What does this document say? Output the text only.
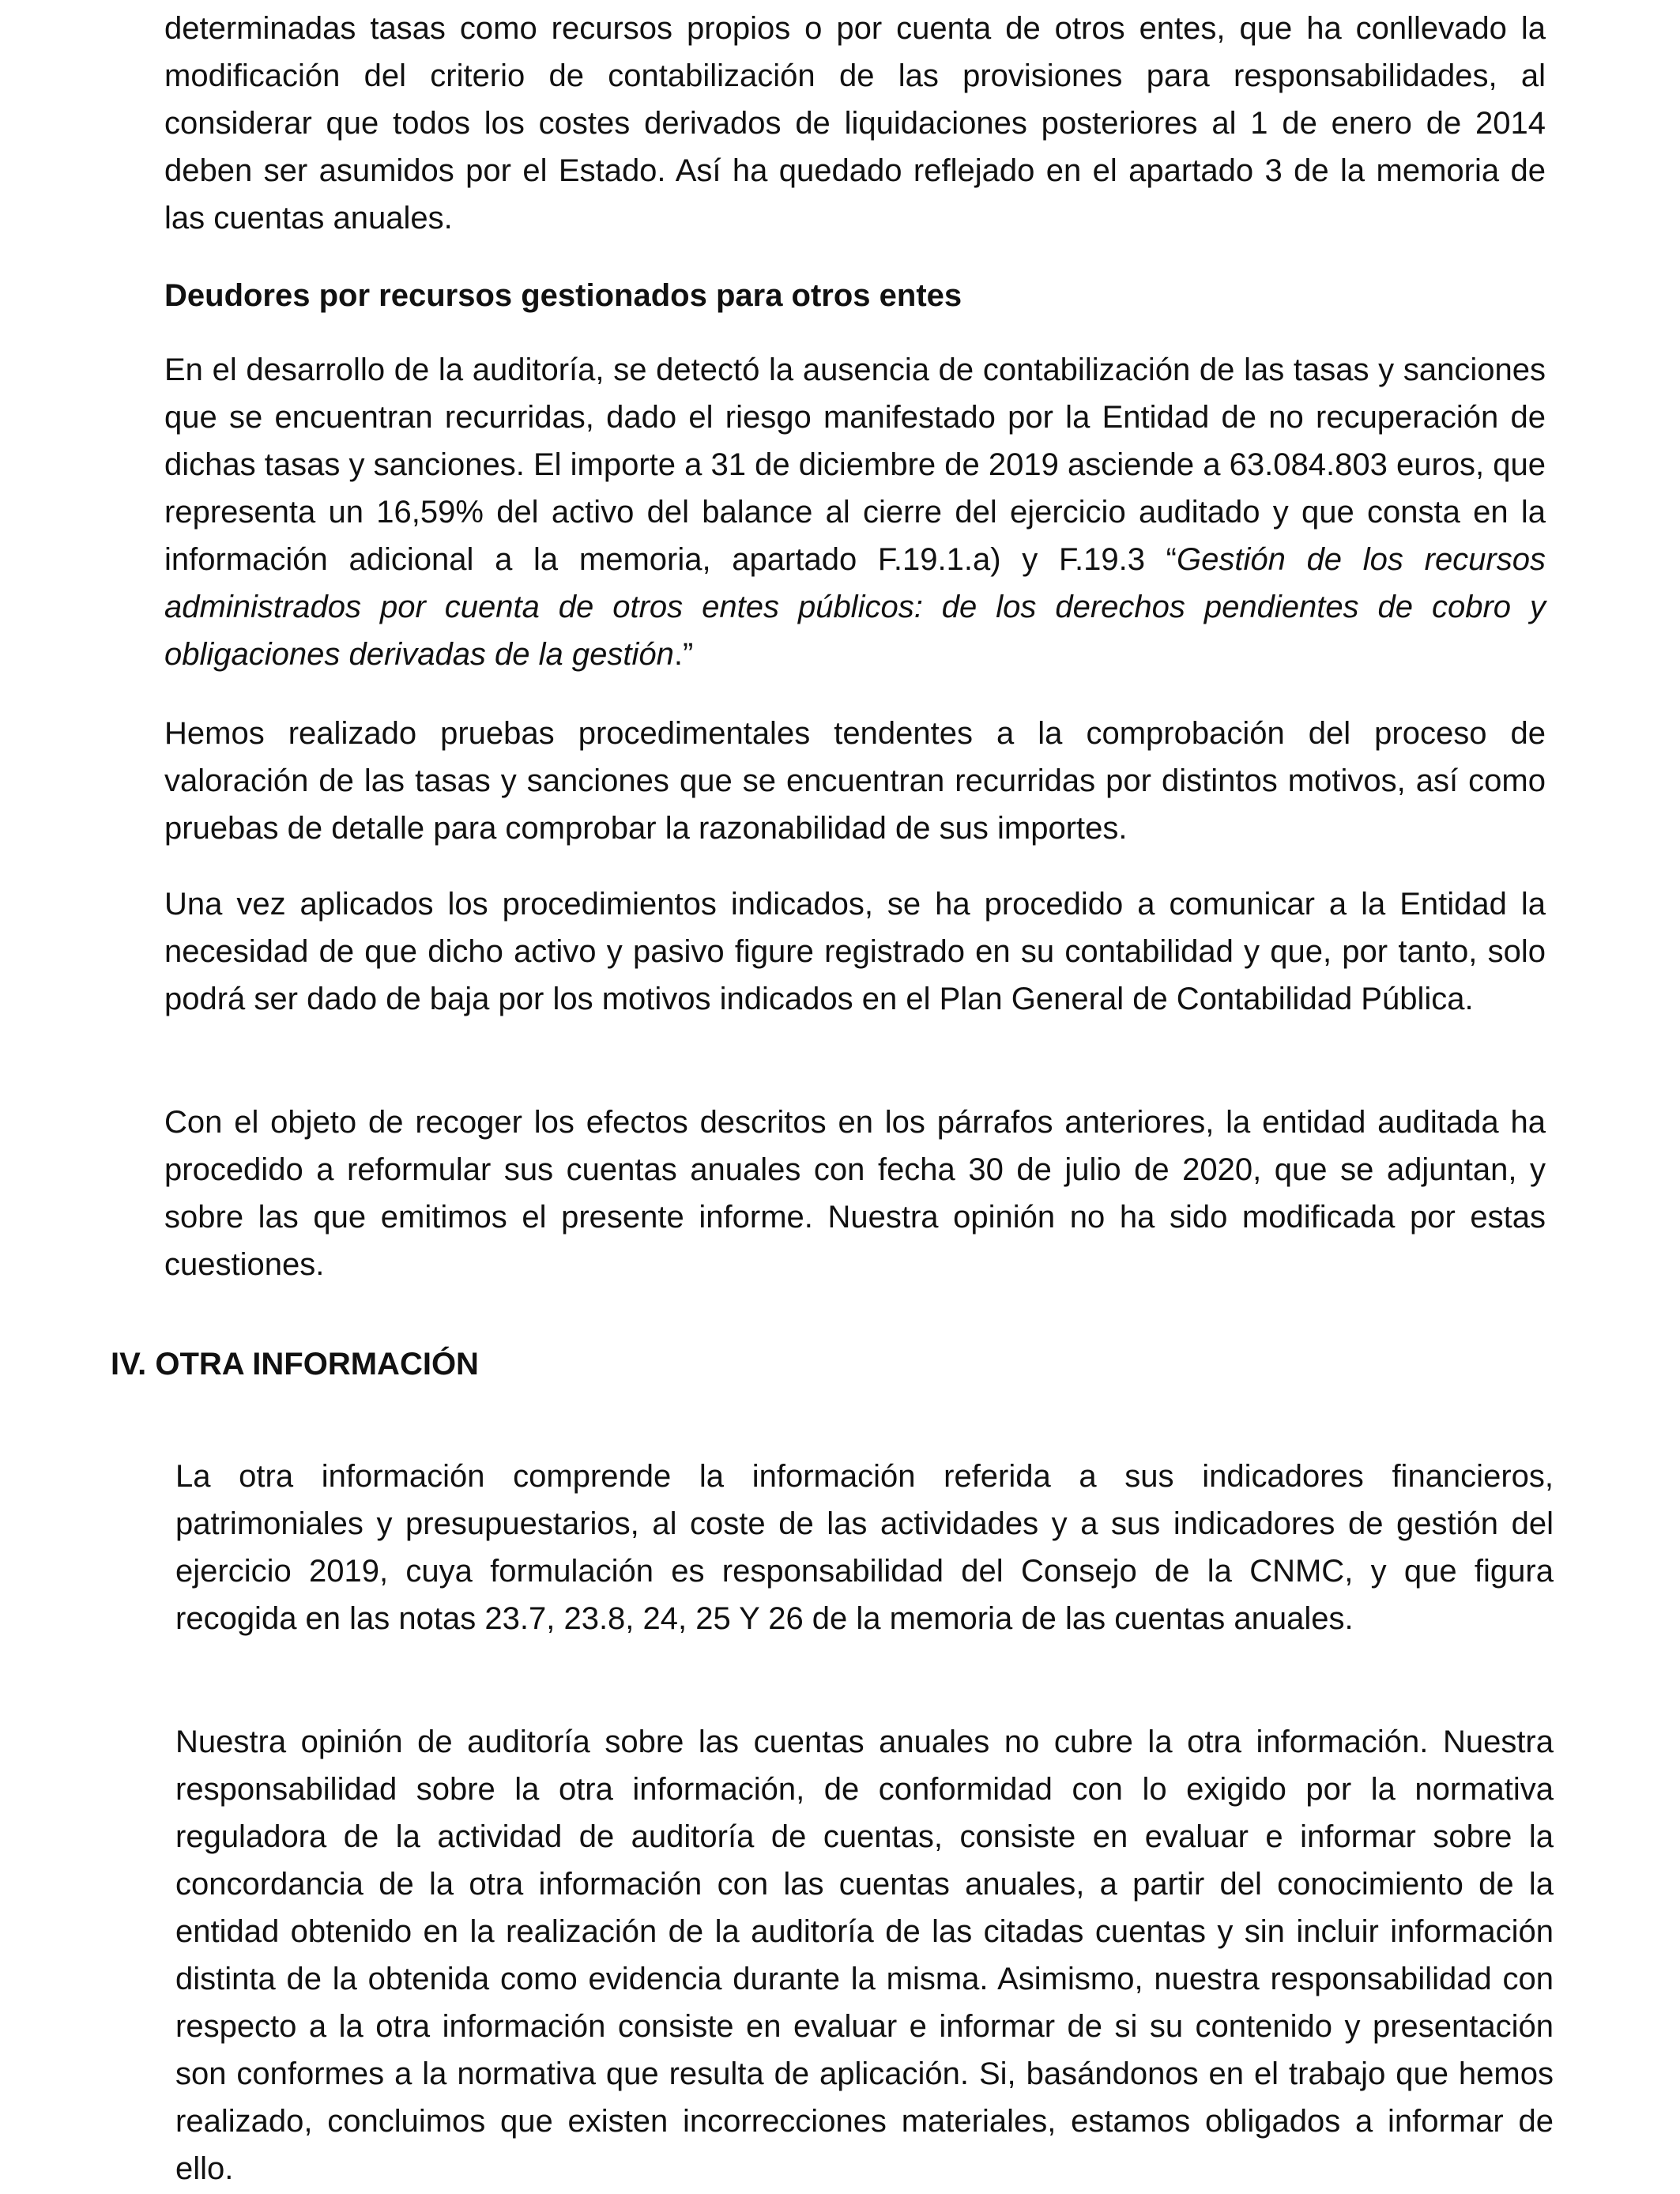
determinadas tasas como recursos propios o por cuenta de otros entes, que ha conllevado la modificación del criterio de contabilización de las provisiones para responsabilidades, al considerar que todos los costes derivados de liquidaciones posteriores al 1 de enero de 2014 deben ser asumidos por el Estado. Así ha quedado reflejado en el apartado 3 de la memoria de las cuentas anuales.

Deudores por recursos gestionados para otros entes

En el desarrollo de la auditoría, se detectó la ausencia de contabilización de las tasas y sanciones que se encuentran recurridas, dado el riesgo manifestado por la Entidad de no recuperación de dichas tasas y sanciones. El importe a 31 de diciembre de 2019 asciende a 63.084.803 euros, que representa un 16,59% del activo del balance al cierre del ejercicio auditado y que consta en la información adicional a la memoria, apartado F.19.1.a) y F.19.3 “Gestión de los recursos administrados por cuenta de otros entes públicos: de los derechos pendientes de cobro y obligaciones derivadas de la gestión.”

Hemos realizado pruebas procedimentales tendentes a la comprobación del proceso de valoración de las tasas y sanciones que se encuentran recurridas por distintos motivos, así como pruebas de detalle para comprobar la razonabilidad de sus importes.

Una vez aplicados los procedimientos indicados, se ha procedido a comunicar a la Entidad la necesidad de que dicho activo y pasivo figure registrado en su contabilidad y que, por tanto, solo podrá ser dado de baja por los motivos indicados en el Plan General de Contabilidad Pública.

Con el objeto de recoger los efectos descritos en los párrafos anteriores, la entidad auditada ha procedido a reformular sus cuentas anuales con fecha 30 de julio de 2020, que se adjuntan, y sobre las que emitimos el presente informe. Nuestra opinión no ha sido modificada por estas cuestiones.

IV. OTRA INFORMACIÓN

La otra información comprende la información referida a sus indicadores financieros, patrimoniales y presupuestarios, al coste de las actividades y a sus indicadores de gestión del ejercicio 2019, cuya formulación es responsabilidad del Consejo de la CNMC, y que figura recogida en las notas 23.7, 23.8, 24, 25 Y 26 de la memoria de las cuentas anuales.

Nuestra opinión de auditoría sobre las cuentas anuales no cubre la otra información. Nuestra responsabilidad sobre la otra información, de conformidad con lo exigido por la normativa reguladora de la actividad de auditoría de cuentas, consiste en evaluar e informar sobre la concordancia de la otra información con las cuentas anuales, a partir del conocimiento de la entidad obtenido en la realización de la auditoría de las citadas cuentas y sin incluir información distinta de la obtenida como evidencia durante la misma. Asimismo, nuestra responsabilidad con respecto a la otra información consiste en evaluar e informar de si su contenido y presentación son conformes a la normativa que resulta de aplicación. Si, basándonos en el trabajo que hemos realizado, concluimos que existen incorrecciones materiales, estamos obligados a informar de ello.
